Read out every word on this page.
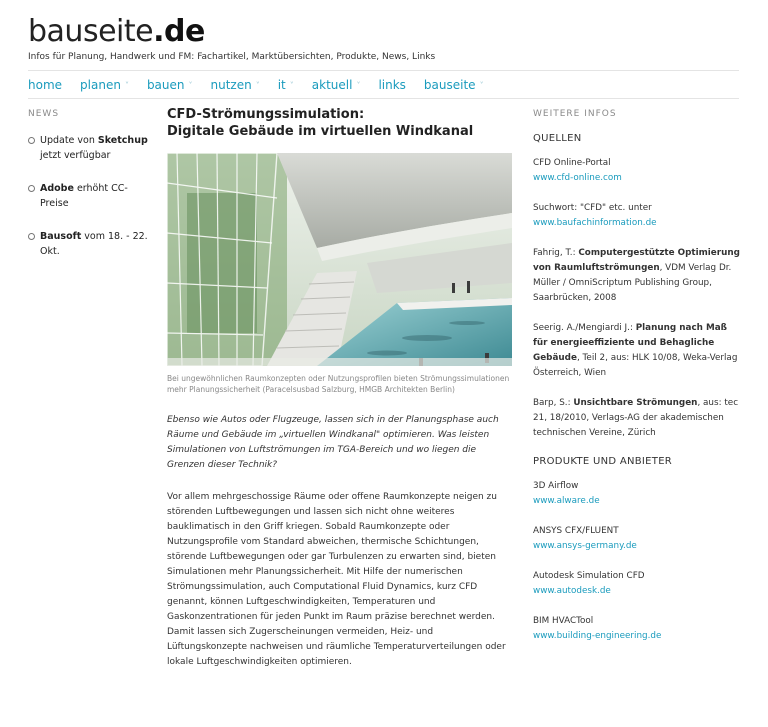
bauseite.de
Infos für Planung, Handwerk und FM: Fachartikel, Marktübersichten, Produkte, News, Links
home planen ˅ bauen ˅ nutzen ˅ it ˅ aktuell ˅ links bauseite ˅
NEWS
Update von Sketchup jetzt verfügbar
Adobe erhöht CC-Preise
Bausoft vom 18. - 22. Okt.
CFD-Strömungssimulation:
Digitale Gebäude im virtuellen Windkanal
Bei ungewöhnlichen Raumkonzepten oder Nutzungsprofilen bieten Strömungssimulationen mehr Planungssicherheit (Paracelsusbad Salzburg, HMGB Architekten Berlin)
Ebenso wie Autos oder Flugzeuge, lassen sich in der Planungsphase auch Räume und Gebäude im „virtuellen Windkanal" optimieren. Was leisten Simulationen von Luftströmungen im TGA-Bereich und wo liegen die Grenzen dieser Technik?
Vor allem mehrgeschossige Räume oder offene Raumkonzepte neigen zu störenden Luftbewegungen und lassen sich nicht ohne weiteres bauklimatisch in den Griff kriegen. Sobald Raumkonzepte oder Nutzungsprofile vom Standard abweichen, thermische Schichtungen, störende Luftbewegungen oder gar Turbulenzen zu erwarten sind, bieten Simulationen mehr Planungssicherheit. Mit Hilfe der numerischen Strömungssimulation, auch Computational Fluid Dynamics, kurz CFD genannt, können Luftgeschwindigkeiten, Temperaturen und Gaskonzentrationen für jeden Punkt im Raum präzise berechnet werden. Damit lassen sich Zugerscheinungen vermeiden, Heiz- und Lüftungskonzepte nachweisen und räumliche Temperaturverteilungen oder lokale Luftgeschwindigkeiten optimieren.
WEITERE INFOS
QUELLEN
CFD Online-Portal
www.cfd-online.com
Suchwort: "CFD" etc. unter
www.baufachinformation.de
Fahrig, T.: Computergestützte Optimierung von Raumluftströmungen, VDM Verlag Dr. Müller / OmniScriptum Publishing Group, Saarbrücken, 2008
Seerig. A./Mengiardi J.: Planung nach Maß für energieeffiziente und Behagliche Gebäude, Teil 2, aus: HLK 10/08, Weka-Verlag Österreich, Wien
Barp, S.: Unsichtbare Strömungen, aus: tec 21, 18/2010, Verlags-AG der akademischen technischen Vereine, Zürich
PRODUKTE UND ANBIETER
3D Airflow
www.alware.de
ANSYS CFX/FLUENT
www.ansys-germany.de
Autodesk Simulation CFD
www.autodesk.de
BIM HVACTool
www.building-engineering.de
